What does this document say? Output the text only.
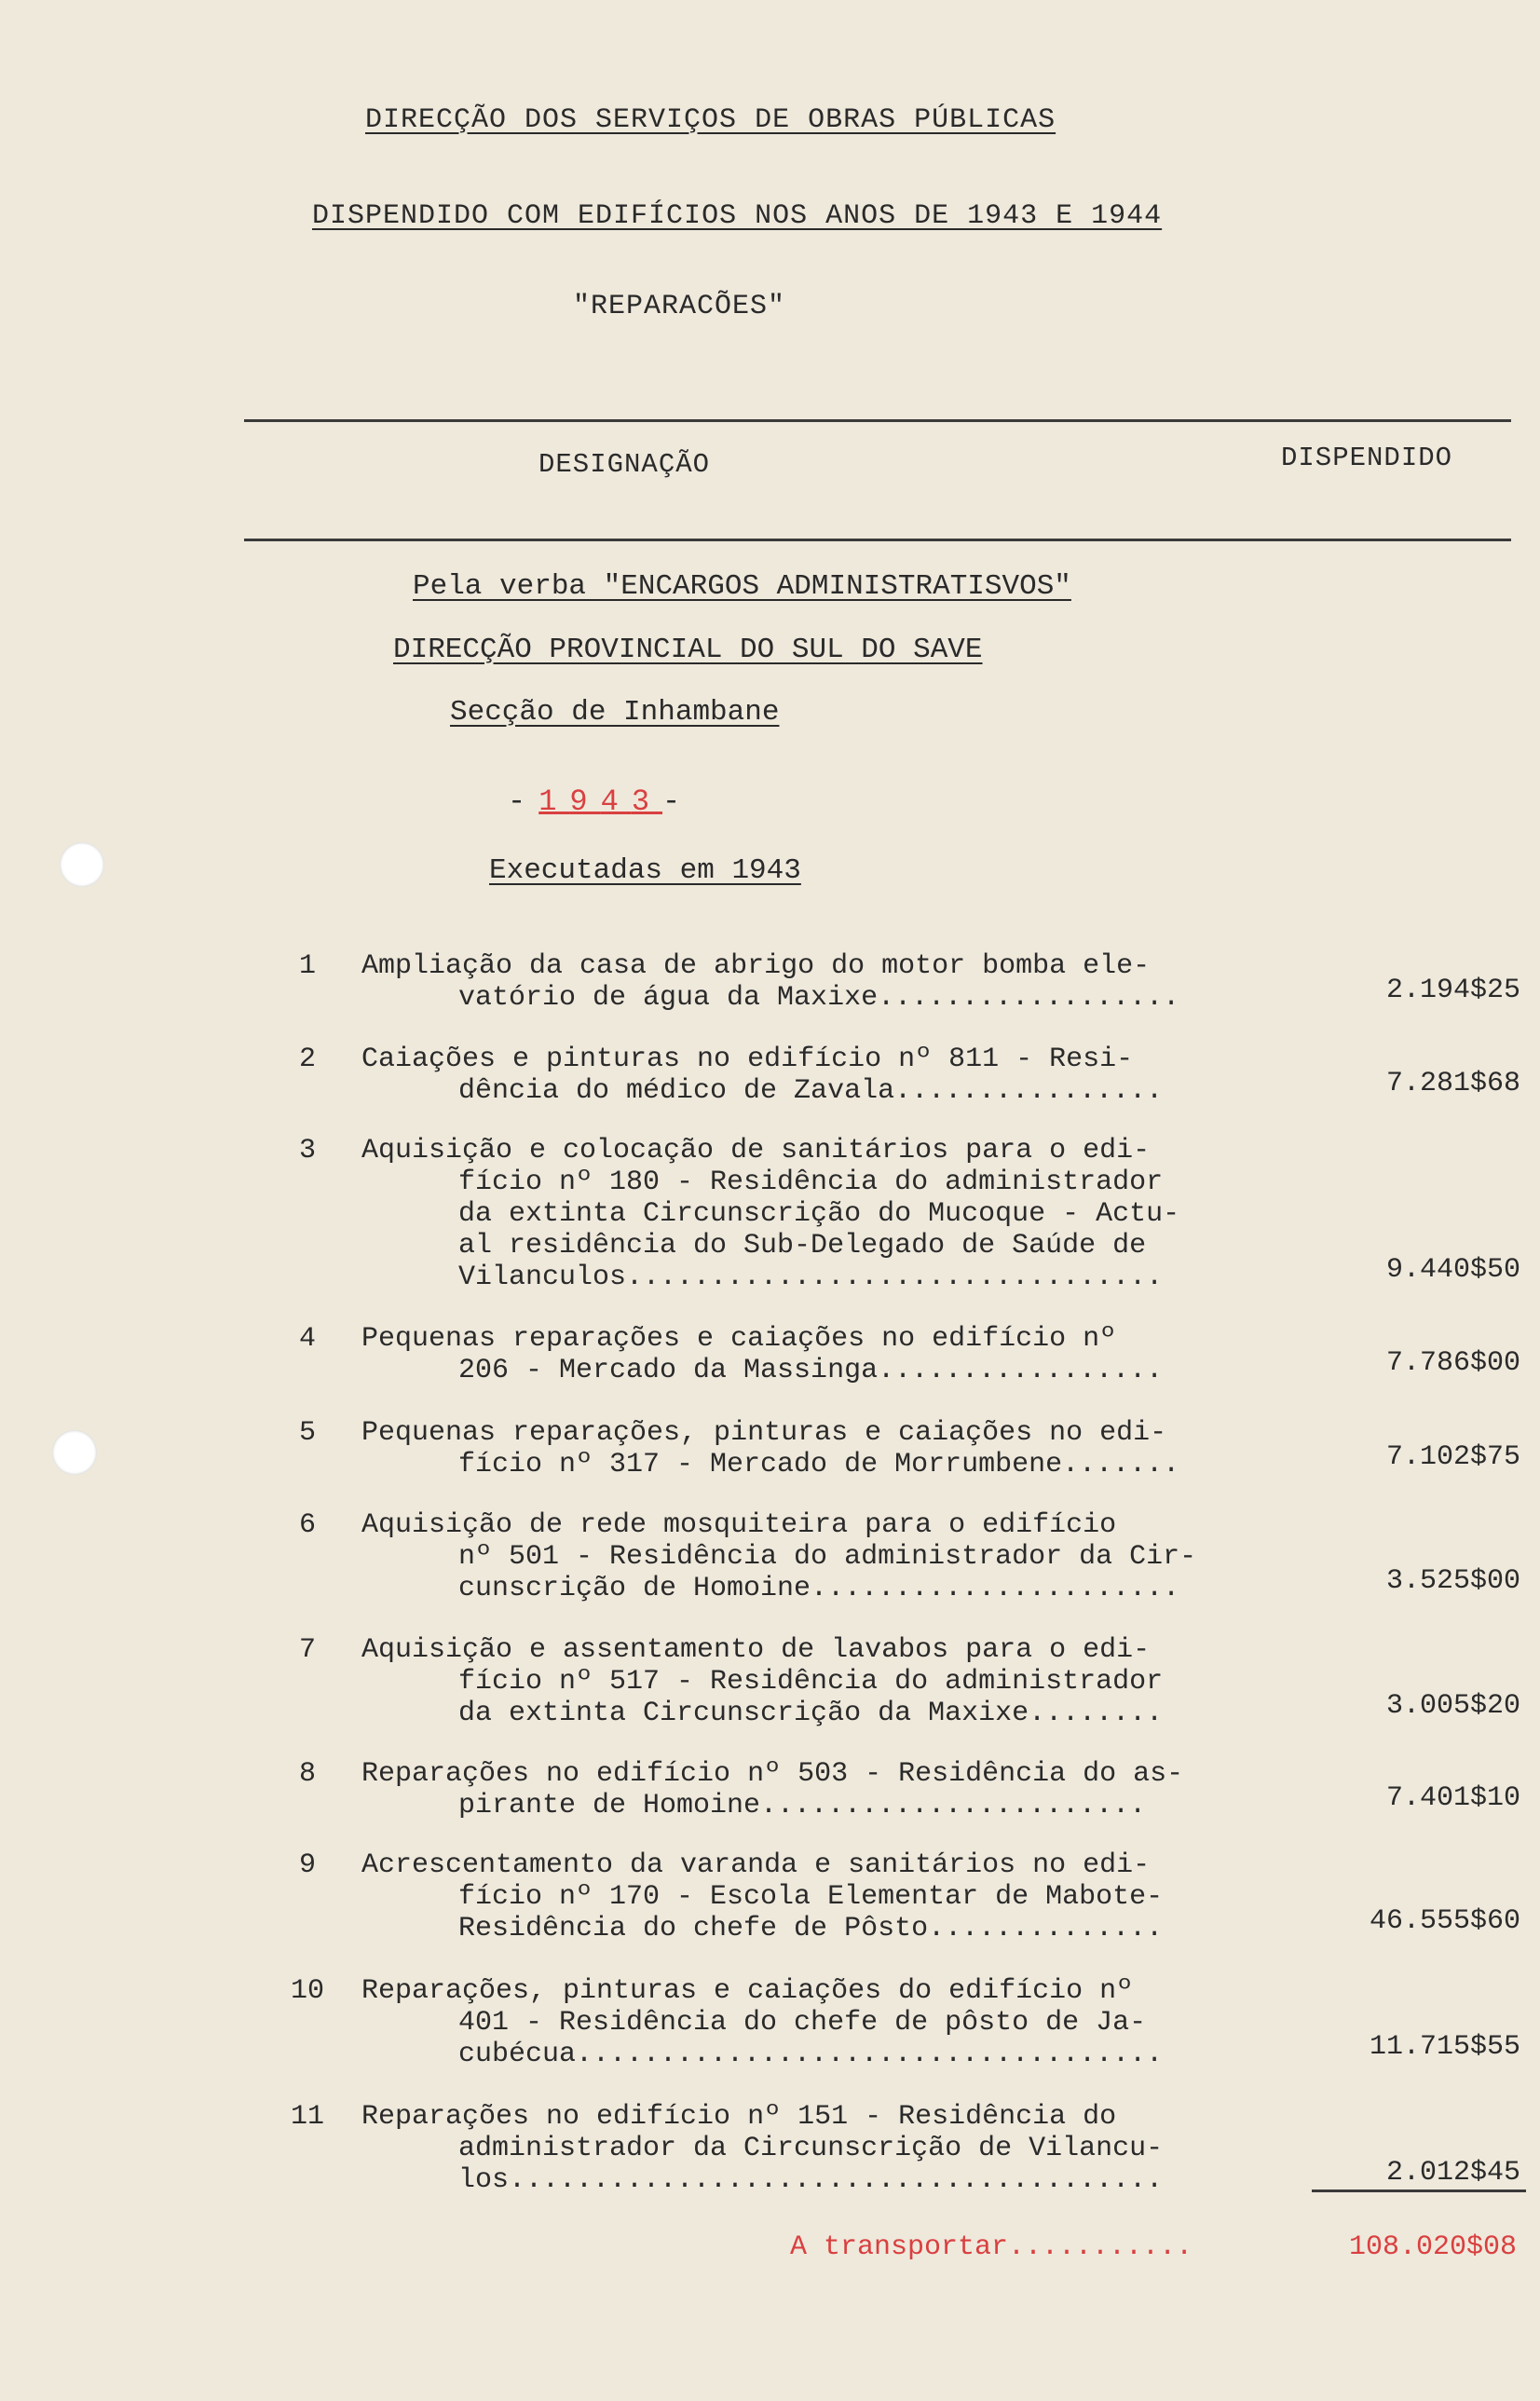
DIRECÇÃO DOS SERVIÇOS DE OBRAS PÚBLICAS
DISPENDIDO COM EDIFÍCIOS NOS ANOS DE 1943 E 1944
"REPARACÕES"
DESIGNAÇÃO	DISPENDIDO
Pela verba "ENCARGOS ADMINISTRATISVOS"
DIRECÇÃO PROVINCIAL DO SUL DO SAVE
Secção de Inhambane
-1943-
Executadas em 1943
1	Ampliação da casa de abrigo do motor bomba ele-
vatório de água da Maxixe..................	2.194$25
2	Caiações e pinturas no edifício nº 811 - Resi-
dência do médico de Zavala................	7.281$68
3	Aquisição e colocação de sanitários para o edi-
fício nº 180 - Residência do administrador
da extinta Circunscrição do Mucoque - Actu-
al residência do Sub-Delegado de Saúde de
Vilanculos................................	9.440$50
4	Pequenas reparações e caiações no edifício nº
206 - Mercado da Massinga.................	7.786$00
5	Pequenas reparações, pinturas e caiações no edi-
fício nº 317 - Mercado de Morrumbene.......	7.102$75
6	Aquisição de rede mosquiteira para o edifício
nº 501 - Residência do administrador da Cir-
cunscrição de Homoine......................	3.525$00
7	Aquisição e assentamento de lavabos para o edi-
fício nº 517 - Residência do administrador
da extinta Circunscrição da Maxixe........	3.005$20
8	Reparações no edifício nº 503 - Residência do as-
pirante de Homoine.......................	7.401$10
9	Acrescentamento da varanda e sanitários no edi-
fício nº 170 - Escola Elementar de Mabote-
Residência do chefe de Pôsto..............	46.555$60
10	Reparações, pinturas e caiações do edifício nº
401 - Residência do chefe de pôsto de Ja-
cubécua...................................	11.715$55
11	Reparações no edifício nº 151 - Residência do
administrador da Circunscrição de Vilancu-
los.......................................	2.012$45
A transportar...........	108.020$08
